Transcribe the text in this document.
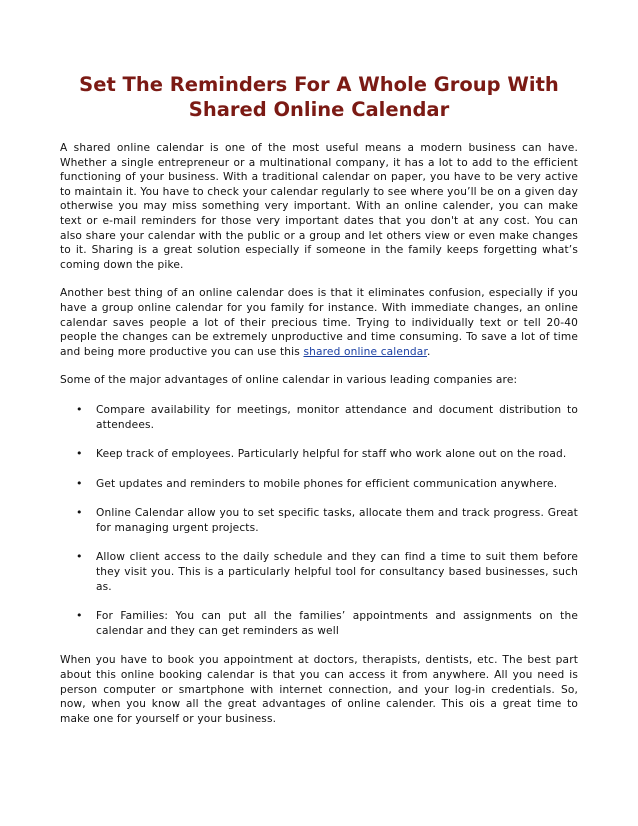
Set The Reminders For A Whole Group With
Shared Online Calendar

A shared online calendar is one of the most useful means a modern business can have. Whether a single entrepreneur or a multinational company, it has a lot to add to the efficient functioning of your business. With a traditional calendar on paper, you have to be very active to maintain it. You have to check your calendar regularly to see where you’ll be on a given day otherwise you may miss something very important. With an online calender, you can make text or e-mail reminders for those very important dates that you don't at any cost. You can also share your calendar with the public or a group and let others view or even make changes to it. Sharing is a great solution especially if someone in the family keeps forgetting what’s coming down the pike.

Another best thing of an online calendar does is that it eliminates confusion, especially if you have a group online calendar for you family for instance. With immediate changes, an online calendar saves people a lot of their precious time. Trying to individually text or tell 20-40 people the changes can be extremely unproductive and time consuming. To save a lot of time and being more productive you can use this shared online calendar.

Some of the major advantages of online calendar in various leading companies are:

• Compare availability for meetings, monitor attendance and document distribution to attendees.
• Keep track of employees. Particularly helpful for staff who work alone out on the road.
• Get updates and reminders to mobile phones for efficient communication anywhere.
• Online Calendar allow you to set specific tasks, allocate them and track progress. Great for managing urgent projects.
• Allow client access to the daily schedule and they can find a time to suit them before they visit you. This is a particularly helpful tool for consultancy based businesses, such as.
• For Families: You can put all the families’ appointments and assignments on the calendar and they can get reminders as well

When you have to book you appointment at doctors, therapists, dentists, etc. The best part about this online booking calendar is that you can access it from anywhere. All you need is person computer or smartphone with internet connection, and your log-in credentials. So, now, when you know all the great advantages of online calender. This ois a great time to make one for yourself or your business.
